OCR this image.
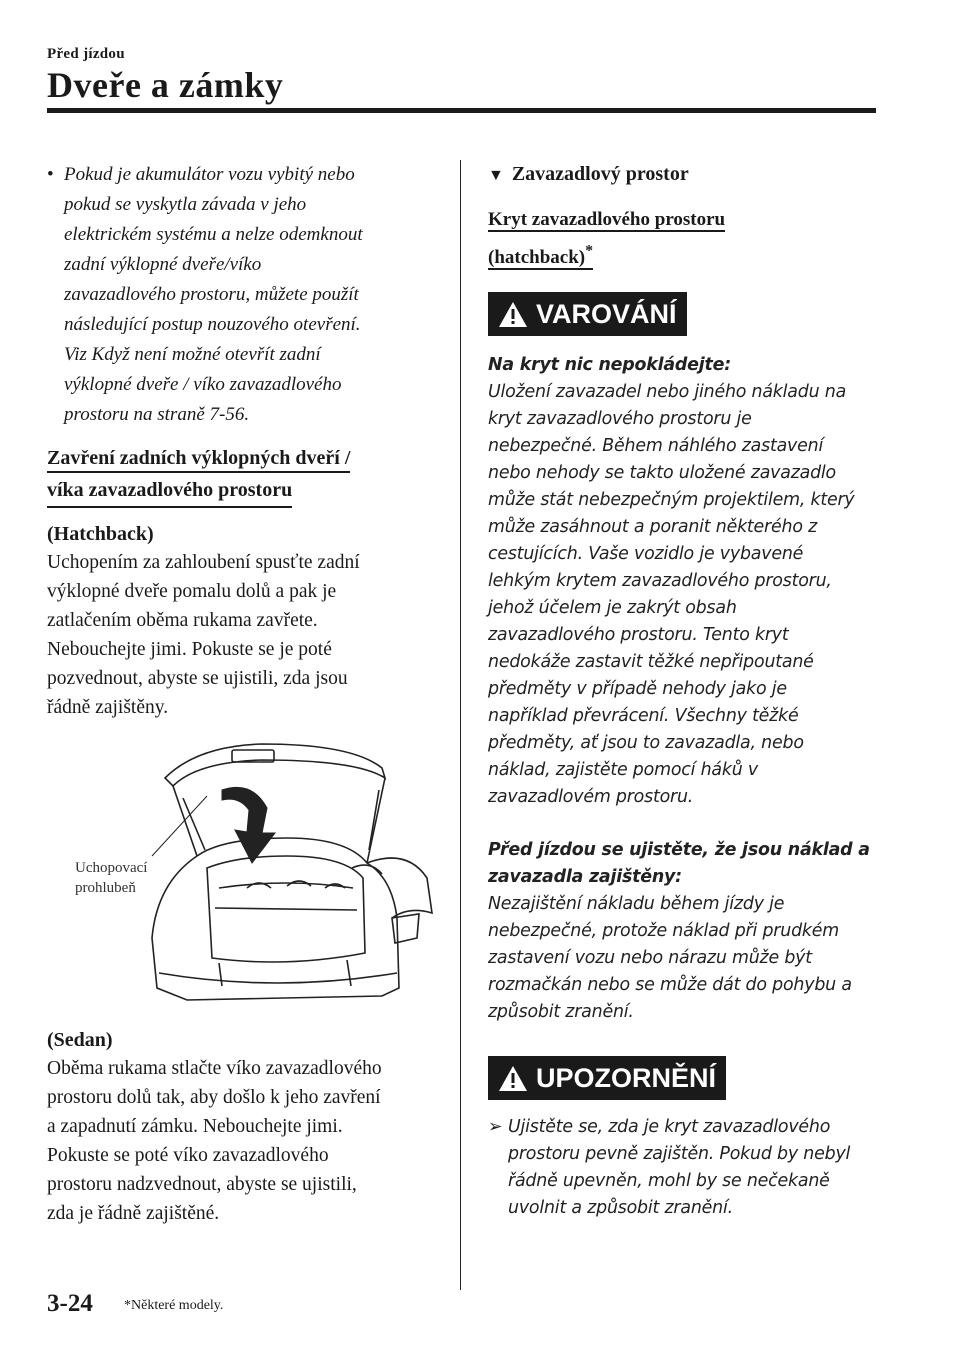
Před jízdou
Dveře a zámky
• Pokud je akumulátor vozu vybitý nebo
pokud se vyskytla závada v jeho
elektrickém systému a nelze odemknout
zadní výklopné dveře/víko
zavazadlového prostoru, můžete použít
následující postup nouzového otevření.
Viz Když není možné otevřít zadní
výklopné dveře / víko zavazadlového
prostoru na straně 7-56.
Zavření zadních výklopných dveří /
víka zavazadlového prostoru

(Hatchback)

Uchopením za zahloubení spusťte zadní
výklopné dveře pomalu dolů a pak je
zatlačením oběma rukama zavřete.
Nebouchejte jimi. Pokuste se je poté
pozvednout, abyste se ujistili, zda jsou
řádně zajištěny.
Uchopovací
prohlubeň

(Sedan)

Oběma rukama stlačte víko zavazadlového
prostoru dolů tak, aby došlo k jeho zavření
a zapadnutí zámku. Nebouchejte jimi.
Pokuste se poté víko zavazadlového
prostoru nadzvednout, abyste se ujistili,
zda je řádně zajištěné.

▼ Zavazadlový prostor

Kryt zavazadlového prostoru
(hatchback)*
VAROVÁNÍ
Na kryt nic nepokládejte:
Uložení zavazadel nebo jiného nákladu na
kryt zavazadlového prostoru je
nebezpečné. Během náhlého zastavení
nebo nehody se takto uložené zavazadlo
může stát nebezpečným projektilem, který
může zasáhnout a poranit některého z
cestujících. Vaše vozidlo je vybavené
lehkým krytem zavazadlového prostoru,
jehož účelem je zakrýt obsah
zavazadlového prostoru. Tento kryt
nedokáže zastavit těžké nepřipoutané
předměty v případě nehody jako je
například převrácení. Všechny těžké
předměty, ať jsou to zavazadla, nebo
náklad, zajistěte pomocí háků v
zavazadlovém prostoru.
Před jízdou se ujistěte, že jsou náklad a
zavazadla zajištěny:
Nezajištění nákladu během jízdy je
nebezpečné, protože náklad při prudkém
zastavení vozu nebo nárazu může být
rozmačkán nebo se může dát do pohybu a
způsobit zranění.
UPOZORNĚNÍ
➢ Ujistěte se, zda je kryt zavazadlového
prostoru pevně zajištěn. Pokud by nebyl
řádně upevněn, mohl by se nečekaně
uvolnit a způsobit zranění.
3-24 *Některé modely.
